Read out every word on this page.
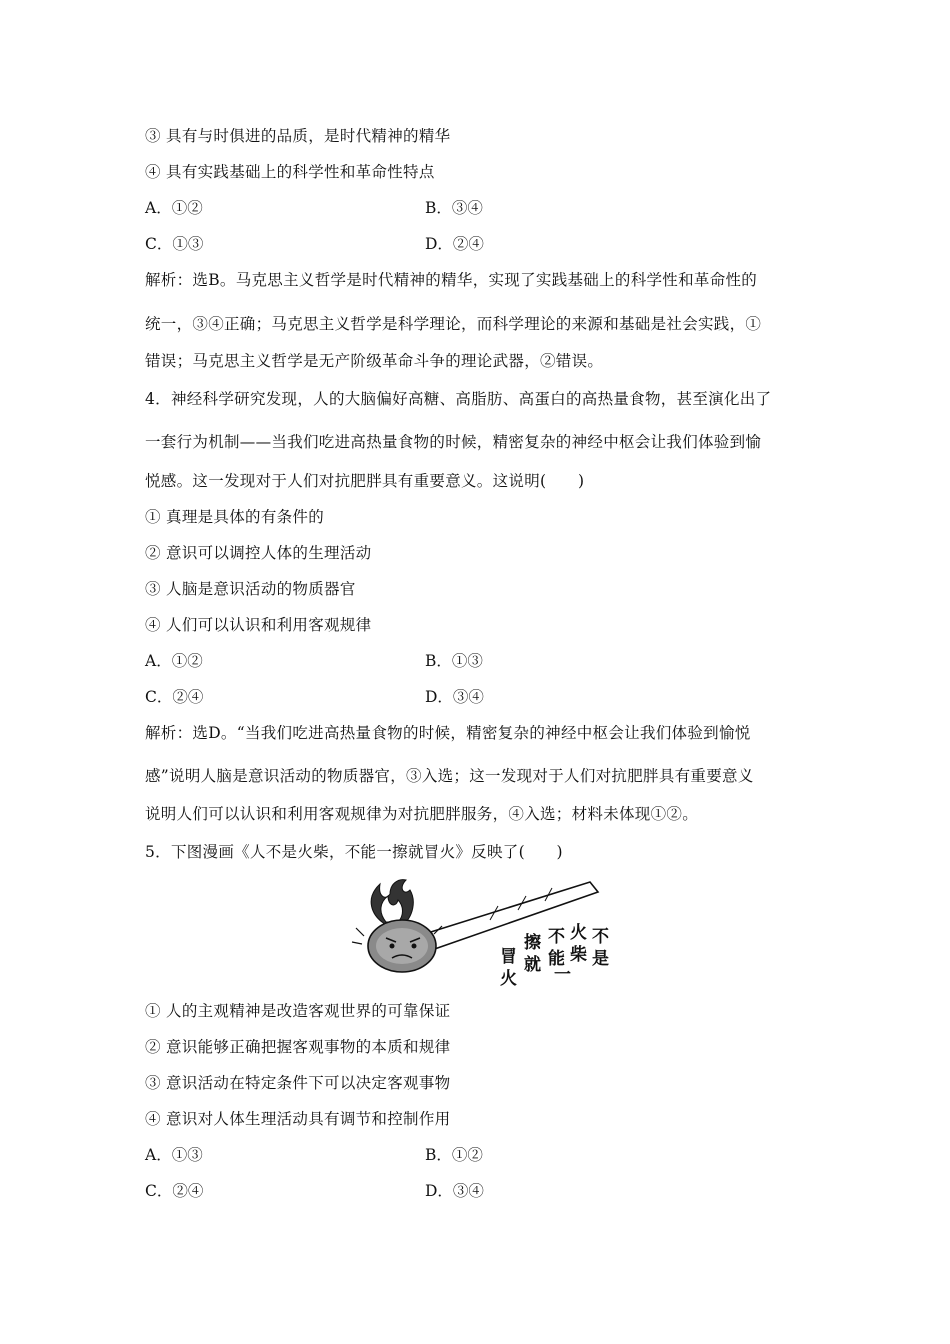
③ 具有与时俱进的品质，是时代精神的精华
④ 具有实践基础上的科学性和革命性特点
A．①②	B．③④
C．①③	D．②④
解析：选B。马克思主义哲学是时代精神的精华，实现了实践基础上的科学性和革命性的
统一，③④正确；马克思主义哲学是科学理论，而科学理论的来源和基础是社会实践，①
错误；马克思主义哲学是无产阶级革命斗争的理论武器，②错误。
4．神经科学研究发现，人的大脑偏好高糖、高脂肪、高蛋白的高热量食物，甚至演化出了
一套行为机制——当我们吃进高热量食物的时候，精密复杂的神经中枢会让我们体验到愉
悦感。这一发现对于人们对抗肥胖具有重要意义。这说明(　　)
① 真理是具体的有条件的
② 意识可以调控人体的生理活动
③ 人脑是意识活动的物质器官
④ 人们可以认识和利用客观规律
A．①②	B．①③
C．②④	D．③④
解析：选D。“当我们吃进高热量食物的时候，精密复杂的神经中枢会让我们体验到愉悦
感”说明人脑是意识活动的物质器官，③入选；这一发现对于人们对抗肥胖具有重要意义
说明人们可以认识和利用客观规律为对抗肥胖服务，④入选；材料未体现①②。
5．下图漫画《人不是火柴，不能一擦就冒火》反映了(　　)
不
是
火
柴
不
能
一
擦
就
冒
火
① 人的主观精神是改造客观世界的可靠保证
② 意识能够正确把握客观事物的本质和规律
③ 意识活动在特定条件下可以决定客观事物
④ 意识对人体生理活动具有调节和控制作用
A．①③	B．①②
C．②④	D．③④
